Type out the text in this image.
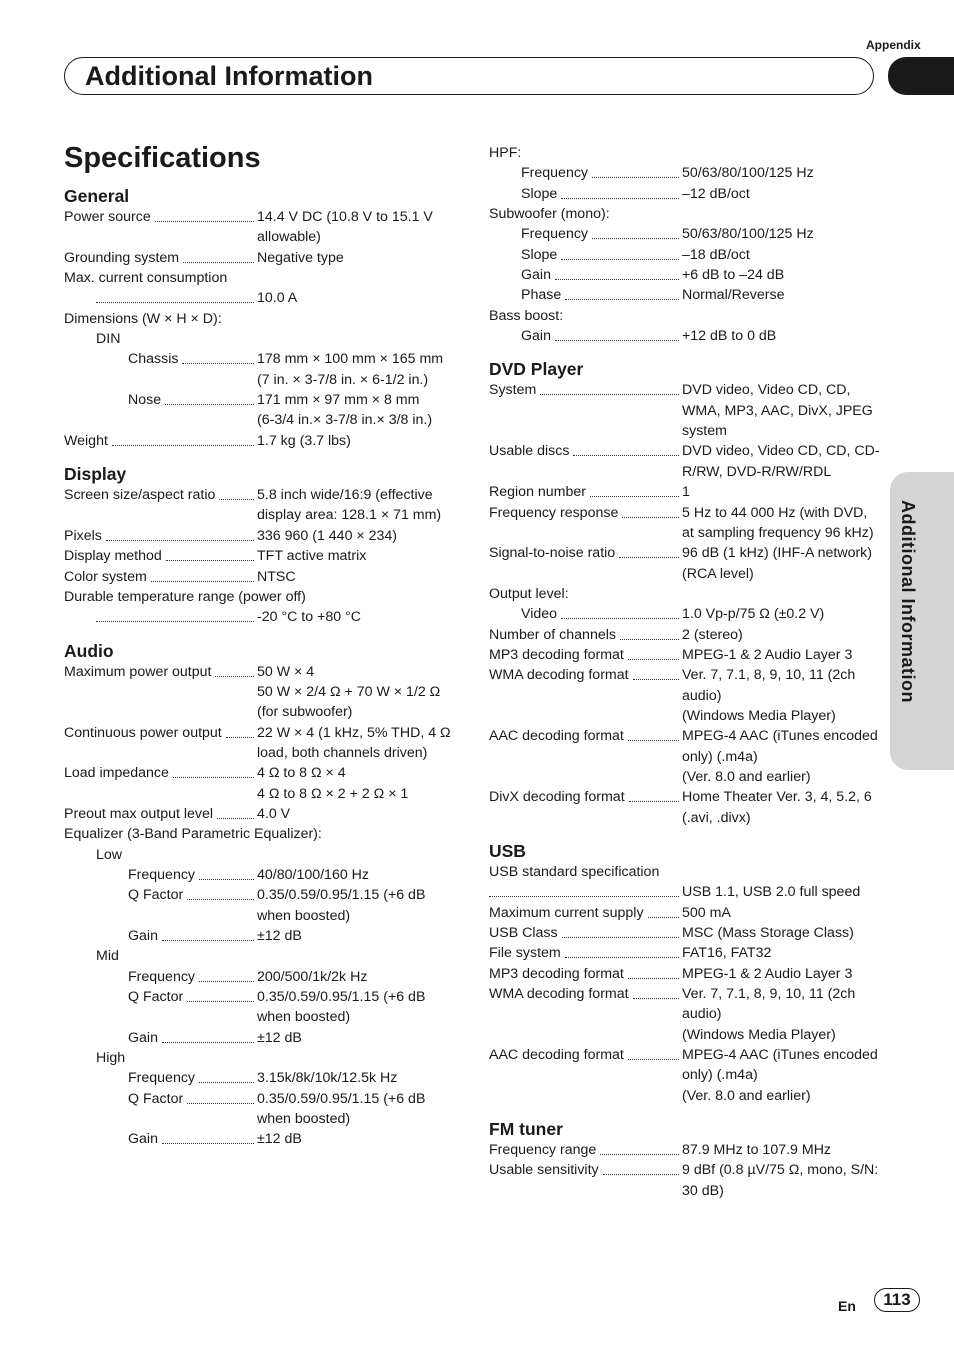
Appendix
Additional Information
Additional Information
Specifications
General
Power source	14.4 V DC (10.8 V to 15.1 V allowable)
Grounding system	Negative type
Max. current consumption
10.0 A
Dimensions (W × H × D):
DIN
Chassis	178 mm × 100 mm × 165 mm
(7 in. × 3-7/8 in. × 6-1/2 in.)
Nose	171 mm × 97 mm × 8 mm
(6-3/4 in.× 3-7/8 in.× 3/8 in.)
Weight	1.7 kg (3.7 lbs)
Display
Screen size/aspect ratio	5.8 inch wide/16:9 (effective display area: 128.1 × 71 mm)
Pixels	336 960 (1 440 × 234)
Display method	TFT active matrix
Color system	NTSC
Durable temperature range (power off)
-20 °C to +80 °C
Audio
Maximum power output	50 W × 4
50 W × 2/4 Ω + 70 W × 1/2 Ω (for subwoofer)
Continuous power output 22 W × 4 (1 kHz, 5% THD, 4 Ω load, both channels driven)
Load impedance	4 Ω to 8 Ω × 4
4 Ω to 8 Ω × 2 + 2 Ω × 1
Preout max output level	4.0 V
Equalizer (3-Band Parametric Equalizer):
Low
Frequency	40/80/100/160 Hz
Q Factor	0.35/0.59/0.95/1.15 (+6 dB when boosted)
Gain	±12 dB
Mid
Frequency	200/500/1k/2k Hz
Q Factor	0.35/0.59/0.95/1.15 (+6 dB when boosted)
Gain	±12 dB
High
Frequency	3.15k/8k/10k/12.5k Hz
Q Factor	0.35/0.59/0.95/1.15 (+6 dB when boosted)
Gain	±12 dB
HPF:
Frequency	50/63/80/100/125 Hz
Slope	–12 dB/oct
Subwoofer (mono):
Frequency	50/63/80/100/125 Hz
Slope	–18 dB/oct
Gain	+6 dB to –24 dB
Phase	Normal/Reverse
Bass boost:
Gain	+12 dB to 0 dB
DVD Player
System	DVD video, Video CD, CD, WMA, MP3, AAC, DivX, JPEG system
Usable discs	DVD video, Video CD, CD, CD-R/RW, DVD-R/RW/RDL
Region number	1
Frequency response	5 Hz to 44 000 Hz (with DVD, at sampling frequency 96 kHz)
Signal-to-noise ratio	96 dB (1 kHz) (IHF-A network) (RCA level)
Output level:
Video	1.0 Vp-p/75 Ω (±0.2 V)
Number of channels	2 (stereo)
MP3 decoding format	MPEG-1 & 2 Audio Layer 3
WMA decoding format	Ver. 7, 7.1, 8, 9, 10, 11 (2ch audio)
(Windows Media Player)
AAC decoding format	MPEG-4 AAC (iTunes encoded only) (.m4a)
(Ver. 8.0 and earlier)
DivX decoding format	Home Theater Ver. 3, 4, 5.2, 6 (.avi, .divx)
USB
USB standard specification
USB 1.1, USB 2.0 full speed
Maximum current supply	500 mA
USB Class	MSC (Mass Storage Class)
File system	FAT16, FAT32
MP3 decoding format	MPEG-1 & 2 Audio Layer 3
WMA decoding format	Ver. 7, 7.1, 8, 9, 10, 11 (2ch audio)
(Windows Media Player)
AAC decoding format	MPEG-4 AAC (iTunes encoded only) (.m4a)
(Ver. 8.0 and earlier)
FM tuner
Frequency range	87.9 MHz to 107.9 MHz
Usable sensitivity	9 dBf (0.8 µV/75 Ω, mono, S/N: 30 dB)
En	113
